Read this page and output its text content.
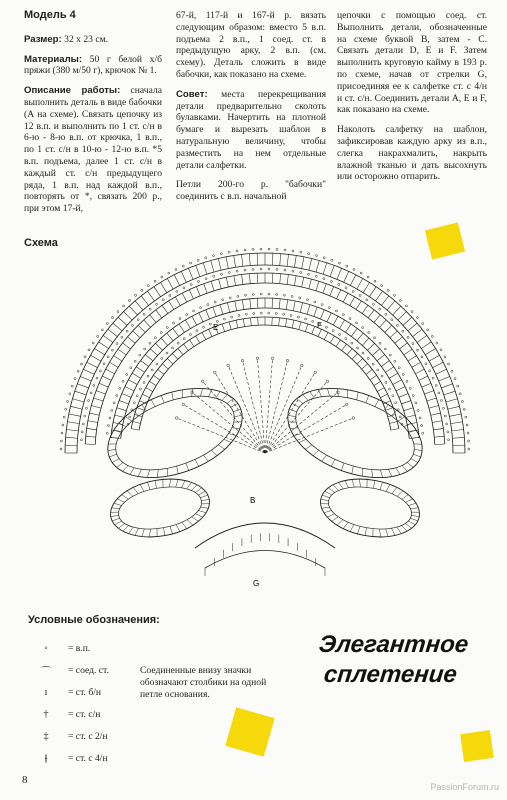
Модель 4

Размер: 32 х 23 см.

Материалы: 50 г белой х/б пряжи (380 м/50 г), крючок № 1.

Описание работы: сначала выполнить деталь в виде бабочки (А на схеме). Связать цепочку из 12 в.п. и выполнить по 1 ст. с/н в 6-ю - 8-ю в.п. от крючка, 1 в.п., по 1 ст. с/н в 10-ю - 12-ю в.п. *5 в.п. подъема, далее 1 ст. с/н в каждый ст. с/н предыдущего ряда, 1 в.п. над каждой в.п., повторять от *, связать 200 р., при этом 17-й,

67-й, 117-й и 167-й р. вязать следующим образом: вместо 5 в.п. подъема 2 в.п., 1 соед. ст. в предыдущую арку, 2 в.п. (см. схему). Деталь сложить в виде бабочки, как показано на схеме.

Совет: места перекрещивания детали предварительно сколоть булавками. Начертить на плотной бумаге и вырезать шаблон в натуральную величину, чтобы разместить на нем отдельные детали салфетки.

Петли 200-го р. "бабочки" соединить с в.п. начальной

цепочки с помощью соед. ст. Выполнить детали, обозначенные на схеме буквой В, затем - С. Связать детали D, E и F. Затем выполнить круговую кайму в 193 р. по схеме, начав от стрелки G, присоединяя ее к салфетке ст. с 4/н и ст. с/н. Соединить детали A, E и F, как показано на схеме.

Наколоть салфетку на шаблон, зафиксировав каждую арку из в.п., слегка накрахмалить, накрыть влажной тканью и дать высохнуть или осторожно отпарить.

Схема
B
E	F
G
Условные обозначения:
◦	= в.п.
⌒	= соед. ст.
ı	= ст. б/н
†	= ст. с/н
‡	= ст. с 2/н
⫲	= ст. с 4/н
Соединенные внизу значки обозначают столбики на одной петле основания.
Элегантное
сплетение
8
PassionForum.ru
